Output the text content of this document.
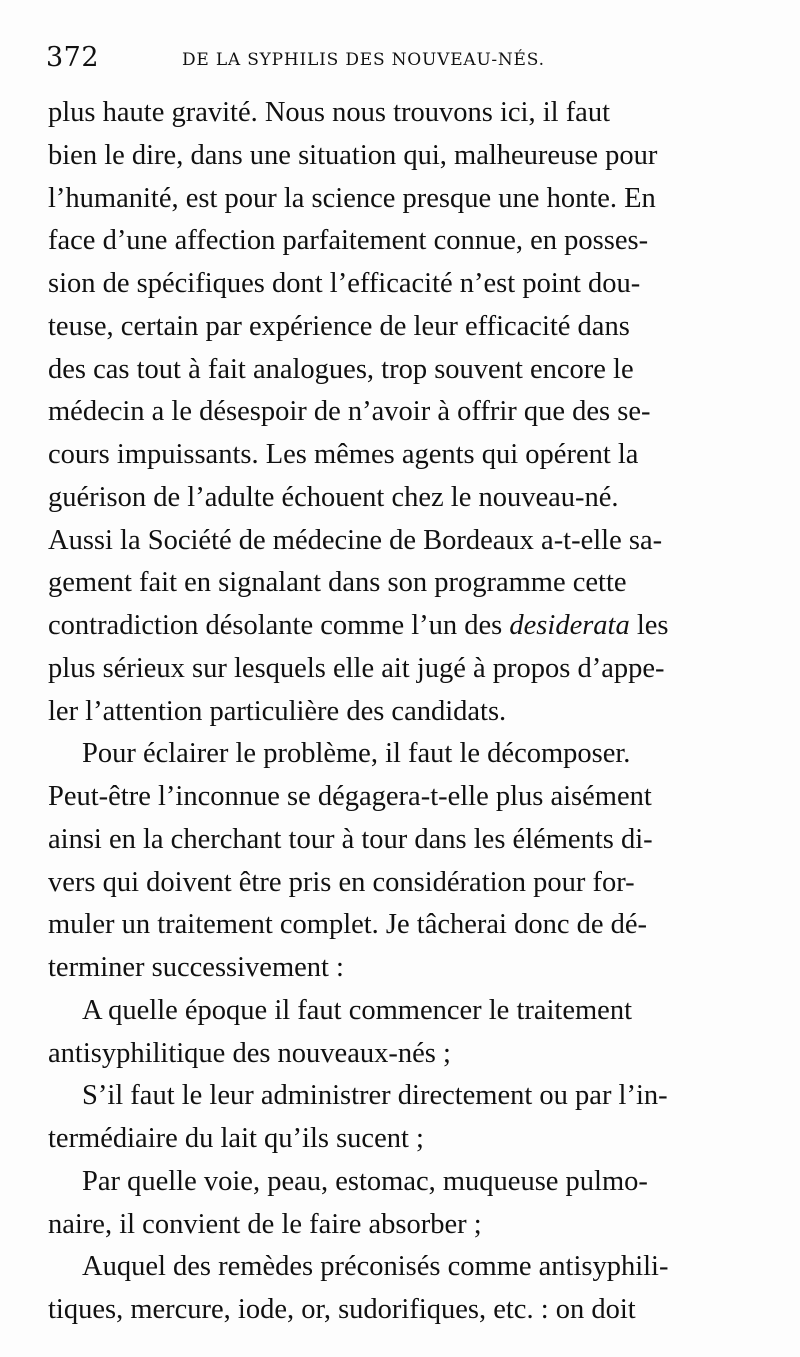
372	DE LA SYPHILIS DES NOUVEAU-NÉS.
plus haute gravité. Nous nous trouvons ici, il faut
bien le dire, dans une situation qui, malheureuse pour
l’humanité, est pour la science presque une honte. En
face d’une affection parfaitement connue, en posses-
sion de spécifiques dont l’efficacité n’est point dou-
teuse, certain par expérience de leur efficacité dans
des cas tout à fait analogues, trop souvent encore le
médecin a le désespoir de n’avoir à offrir que des se-
cours impuissants. Les mêmes agents qui opérent la
guérison de l’adulte échouent chez le nouveau-né.
Aussi la Société de médecine de Bordeaux a-t-elle sa-
gement fait en signalant dans son programme cette
contradiction désolante comme l’un des desiderata les
plus sérieux sur lesquels elle ait jugé à propos d’appe-
ler l’attention particulière des candidats.
Pour éclairer le problème, il faut le décomposer.
Peut-être l’inconnue se dégagera-t-elle plus aisément
ainsi en la cherchant tour à tour dans les éléments di-
vers qui doivent être pris en considération pour for-
muler un traitement complet. Je tâcherai donc de dé-
terminer successivement :
A quelle époque il faut commencer le traitement
antisyphilitique des nouveaux-nés ;
S’il faut le leur administrer directement ou par l’in-
termédiaire du lait qu’ils sucent ;
Par quelle voie, peau, estomac, muqueuse pulmo-
naire, il convient de le faire absorber ;
Auquel des remèdes préconisés comme antisyphili-
tiques, mercure, iode, or, sudorifiques, etc. : on doit
